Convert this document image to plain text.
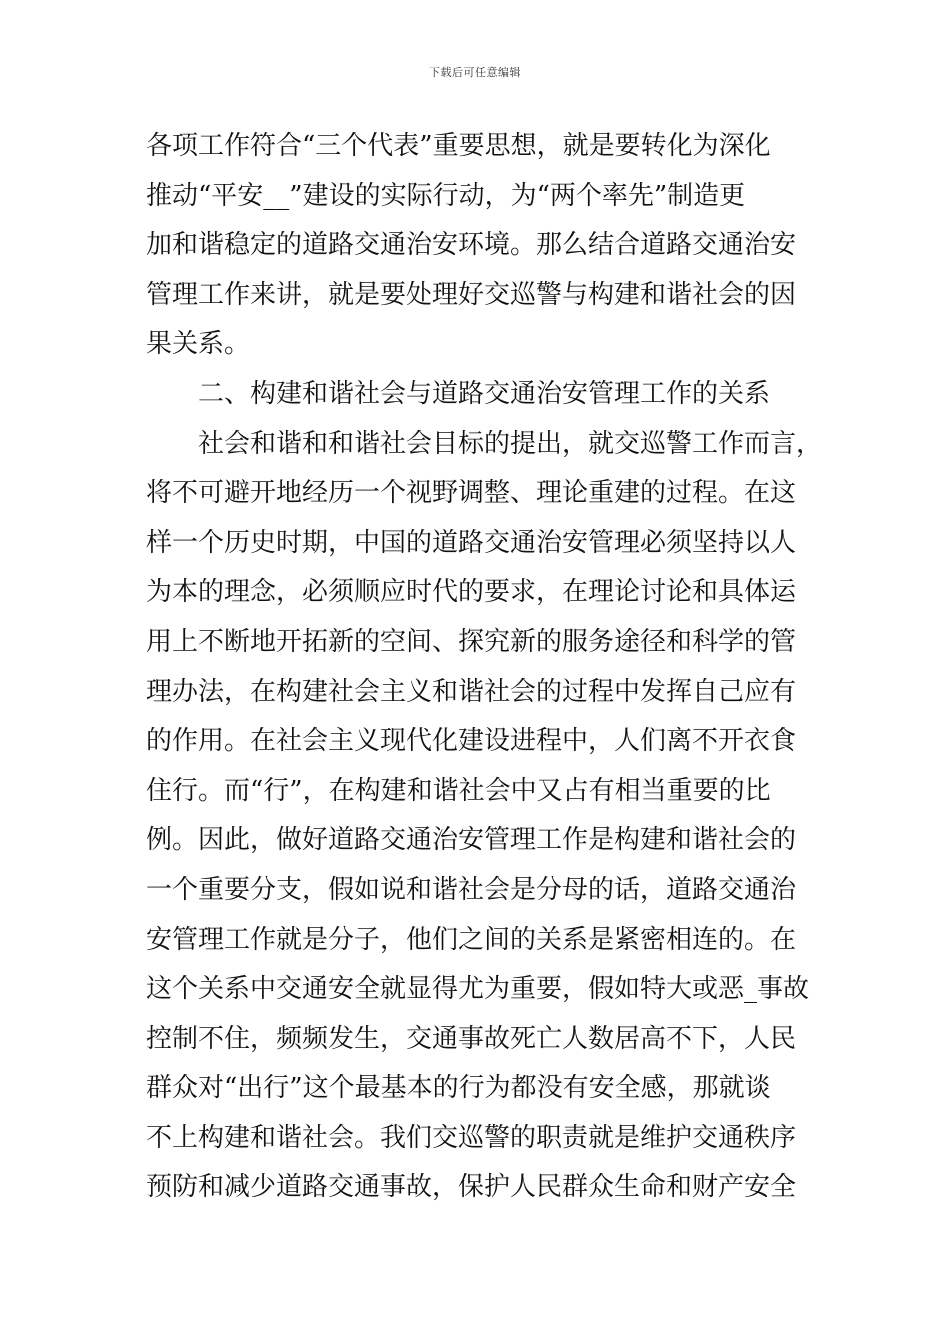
下载后可任意编辑
各项工作符合“三个代表”重要思想，就是要转化为深化
推动“平安__”建设的实际行动，为“两个率先”制造更
加和谐稳定的道路交通治安环境。那么结合道路交通治安
管理工作来讲，就是要处理好交巡警与构建和谐社会的因
果关系。
　　二、构建和谐社会与道路交通治安管理工作的关系
　　社会和谐和和谐社会目标的提出，就交巡警工作而言，
将不可避开地经历一个视野调整、理论重建的过程。在这
样一个历史时期，中国的道路交通治安管理必须坚持以人
为本的理念，必须顺应时代的要求，在理论讨论和具体运
用上不断地开拓新的空间、探究新的服务途径和科学的管
理办法，在构建社会主义和谐社会的过程中发挥自己应有
的作用。在社会主义现代化建设进程中，人们离不开衣食
住行。而“行”，在构建和谐社会中又占有相当重要的比
例。因此，做好道路交通治安管理工作是构建和谐社会的
一个重要分支，假如说和谐社会是分母的话，道路交通治
安管理工作就是分子，他们之间的关系是紧密相连的。在
这个关系中交通安全就显得尤为重要，假如特大或恶_事故
控制不住，频频发生，交通事故死亡人数居高不下，人民
群众对“出行”这个最基本的行为都没有安全感，那就谈
不上构建和谐社会。我们交巡警的职责就是维护交通秩序
预防和减少道路交通事故，保护人民群众生命和财产安全
